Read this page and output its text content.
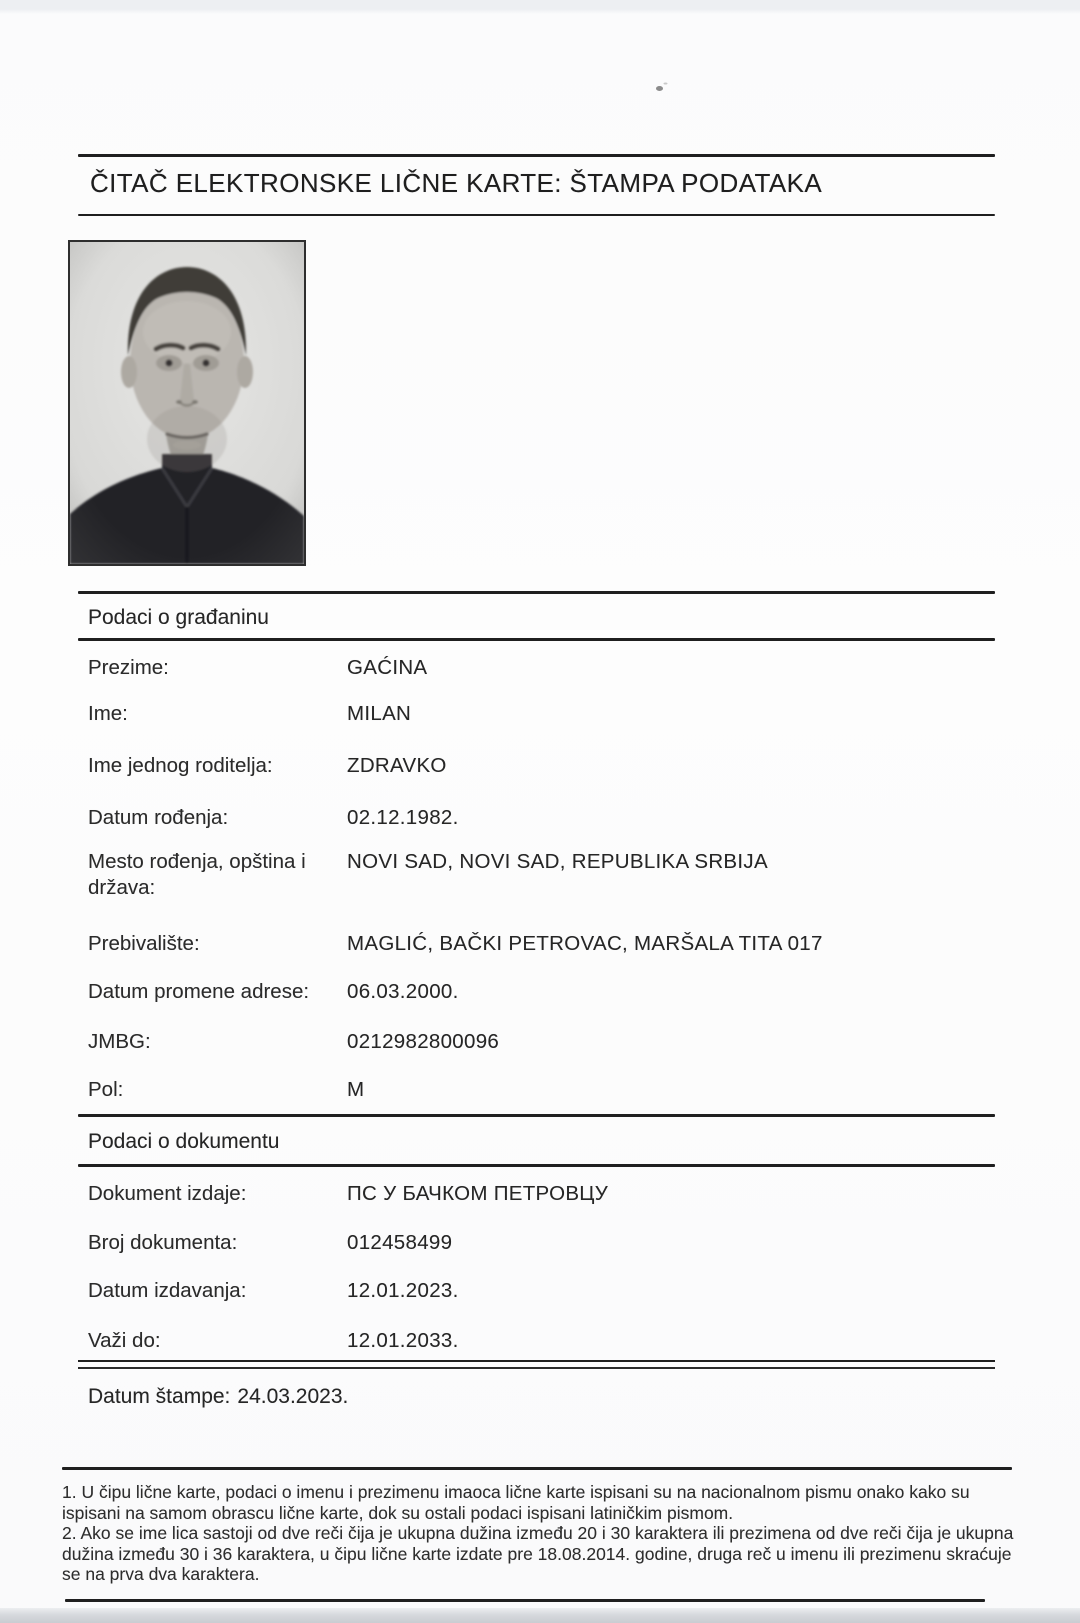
ČITAČ ELEKTRONSKE LIČNE KARTE: ŠTAMPA PODATAKA
Podaci o građaninu
Prezime:	GAĆINA
Ime:	MILAN
Ime jednog roditelja:	ZDRAVKO
Datum rođenja:	02.12.1982.
Mesto rođenja, opština i država:
NOVI SAD, NOVI SAD, REPUBLIKA SRBIJA
Prebivalište:	MAGLIĆ, BAČKI PETROVAC, MARŠALA TITA 017
Datum promene adrese:	06.03.2000.
JMBG:	0212982800096
Pol:	M
Podaci o dokumentu
Dokument izdaje:	ПС У БАЧКОМ ПЕТРОВЦУ
Broj dokumenta:	012458499
Datum izdavanja:	12.01.2023.
Važi do:	12.01.2033.
Datum štampe: 24.03.2023.

1. U čipu lične karte, podaci o imenu i prezimenu imaoca lične karte ispisani su na nacionalnom pismu onako kako su ispisani na samom obrascu lične karte, dok su ostali podaci ispisani latiničkim pismom.

2. Ako se ime lica sastoji od dve reči čija je ukupna dužina između 20 i 30 karaktera ili prezimena od dve reči čija je ukupna dužina između 30 i 36 karaktera, u čipu lične karte izdate pre 18.08.2014. godine, druga reč u imenu ili prezimenu skraćuje se na prva dva karaktera.
